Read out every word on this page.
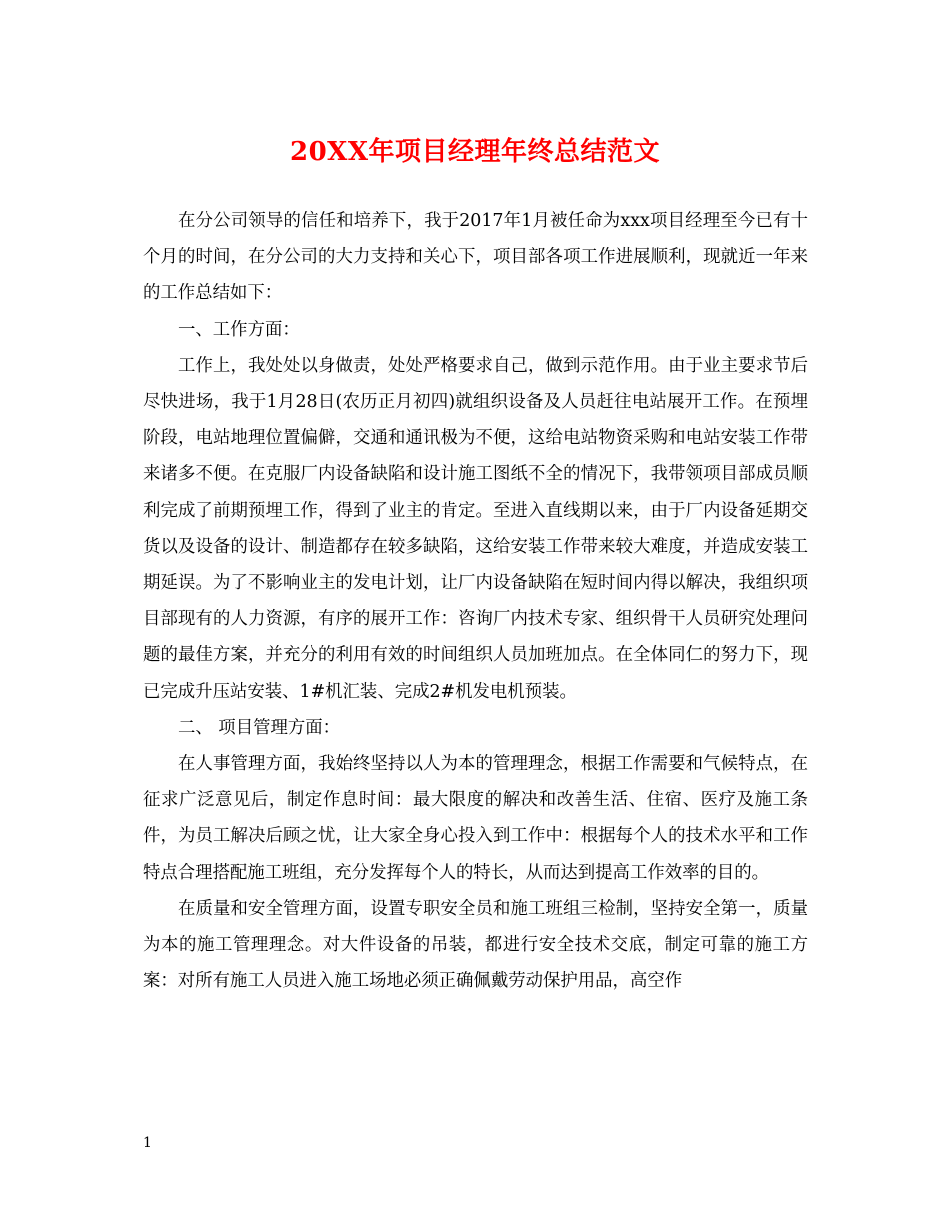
20XX年项目经理年终总结范文

在分公司领导的信任和培养下，我于2017年1月被任命为xxx项目经理至今已有十个月的时间，在分公司的大力支持和关心下，项目部各项工作进展顺利，现就近一年来的工作总结如下：

一、工作方面：

工作上，我处处以身做责，处处严格要求自己，做到示范作用。由于业主要求节后尽快进场，我于1月28日(农历正月初四)就组织设备及人员赶往电站展开工作。在预埋阶段，电站地理位置偏僻，交通和通讯极为不便，这给电站物资采购和电站安装工作带来诸多不便。在克服厂内设备缺陷和设计施工图纸不全的情况下，我带领项目部成员顺利完成了前期预埋工作，得到了业主的肯定。至进入直线期以来，由于厂内设备延期交货以及设备的设计、制造都存在较多缺陷，这给安装工作带来较大难度，并造成安装工期延误。为了不影响业主的发电计划，让厂内设备缺陷在短时间内得以解决，我组织项目部现有的人力资源，有序的展开工作：咨询厂内技术专家、组织骨干人员研究处理问题的最佳方案，并充分的利用有效的时间组织人员加班加点。在全体同仁的努力下，现已完成升压站安装、1#机汇装、完成2#机发电机预装。

二、 项目管理方面：

在人事管理方面，我始终坚持以人为本的管理理念，根据工作需要和气候特点，在征求广泛意见后，制定作息时间：最大限度的解决和改善生活、住宿、医疗及施工条件，为员工解决后顾之忧，让大家全身心投入到工作中：根据每个人的技术水平和工作特点合理搭配施工班组，充分发挥每个人的特长，从而达到提高工作效率的目的。

在质量和安全管理方面，设置专职安全员和施工班组三检制，坚持安全第一，质量为本的施工管理理念。对大件设备的吊装，都进行安全技术交底，制定可靠的施工方案：对所有施工人员进入施工场地必须正确佩戴劳动保护用品，高空作

1
